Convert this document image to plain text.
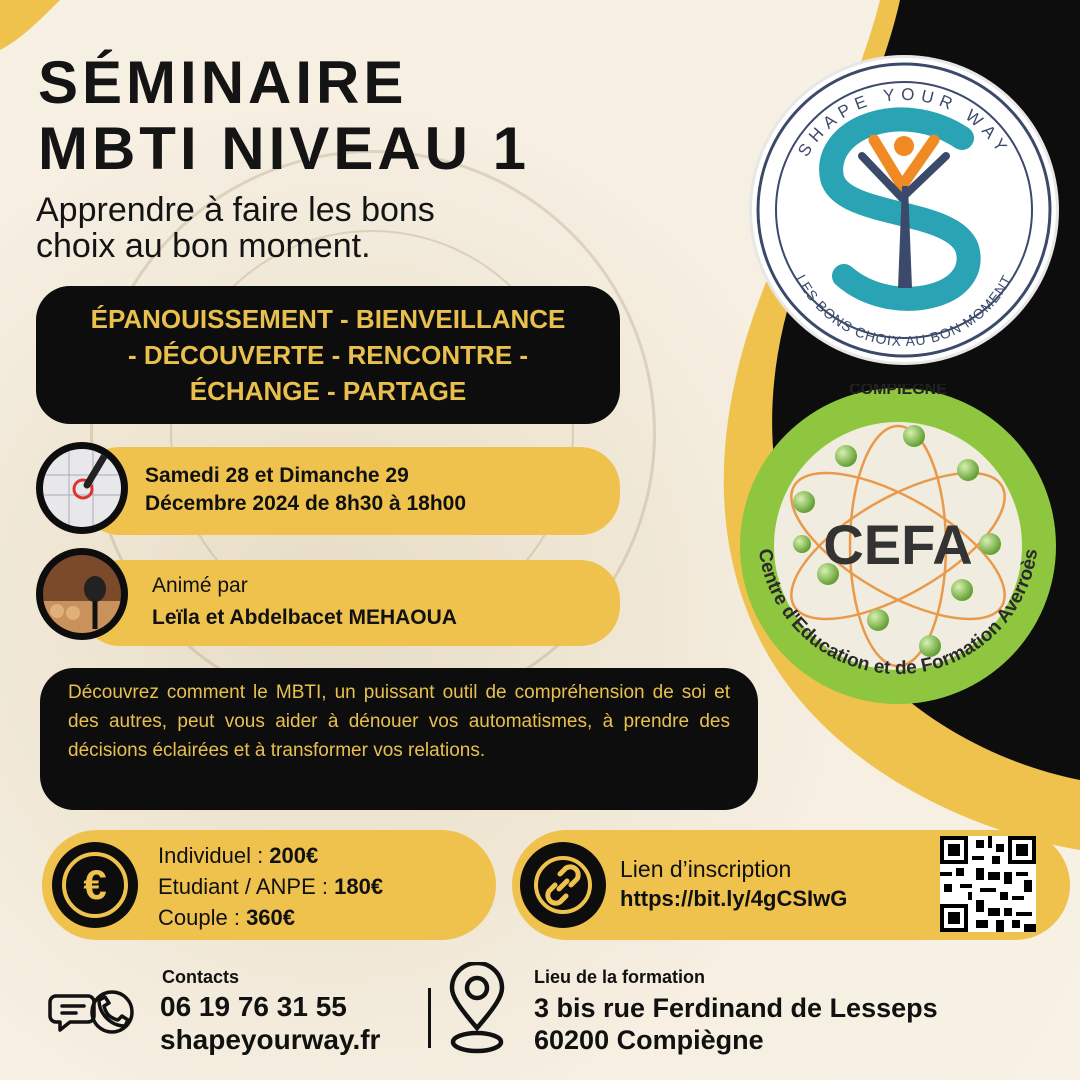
SÉMINAIRE
MBTI NIVEAU 1

Apprendre à faire les bons
choix au bon moment.

ÉPANOUISSEMENT - BIENVEILLANCE
- DÉCOUVERTE - RENCONTRE -
ÉCHANGE - PARTAGE
Samedi 28 et Dimanche 29
Décembre 2024 de 8h30 à 18h00
Animé par
Leïla et Abdelbacet MEHAOUA
Découvrez comment le MBTI, un puissant outil de compréhension de soi et des autres, peut vous aider à dénouer vos automatismes, à prendre des décisions éclairées et à transformer vos relations.
€
Individuel : 200€
Etudiant / ANPE : 180€
Couple : 360€
Lien d’inscription
https://bit.ly/4gCSIwG
Contacts
06 19 76 31 55
shapeyourway.fr
Lieu de la formation
3 bis rue Ferdinand de Lesseps
60200 Compiègne
SHAPE YOUR WAY
LES BONS CHOIX AU BON MOMENT
COMPIEGNE
CEFA
Centre d'Education et de Formation Averroès
